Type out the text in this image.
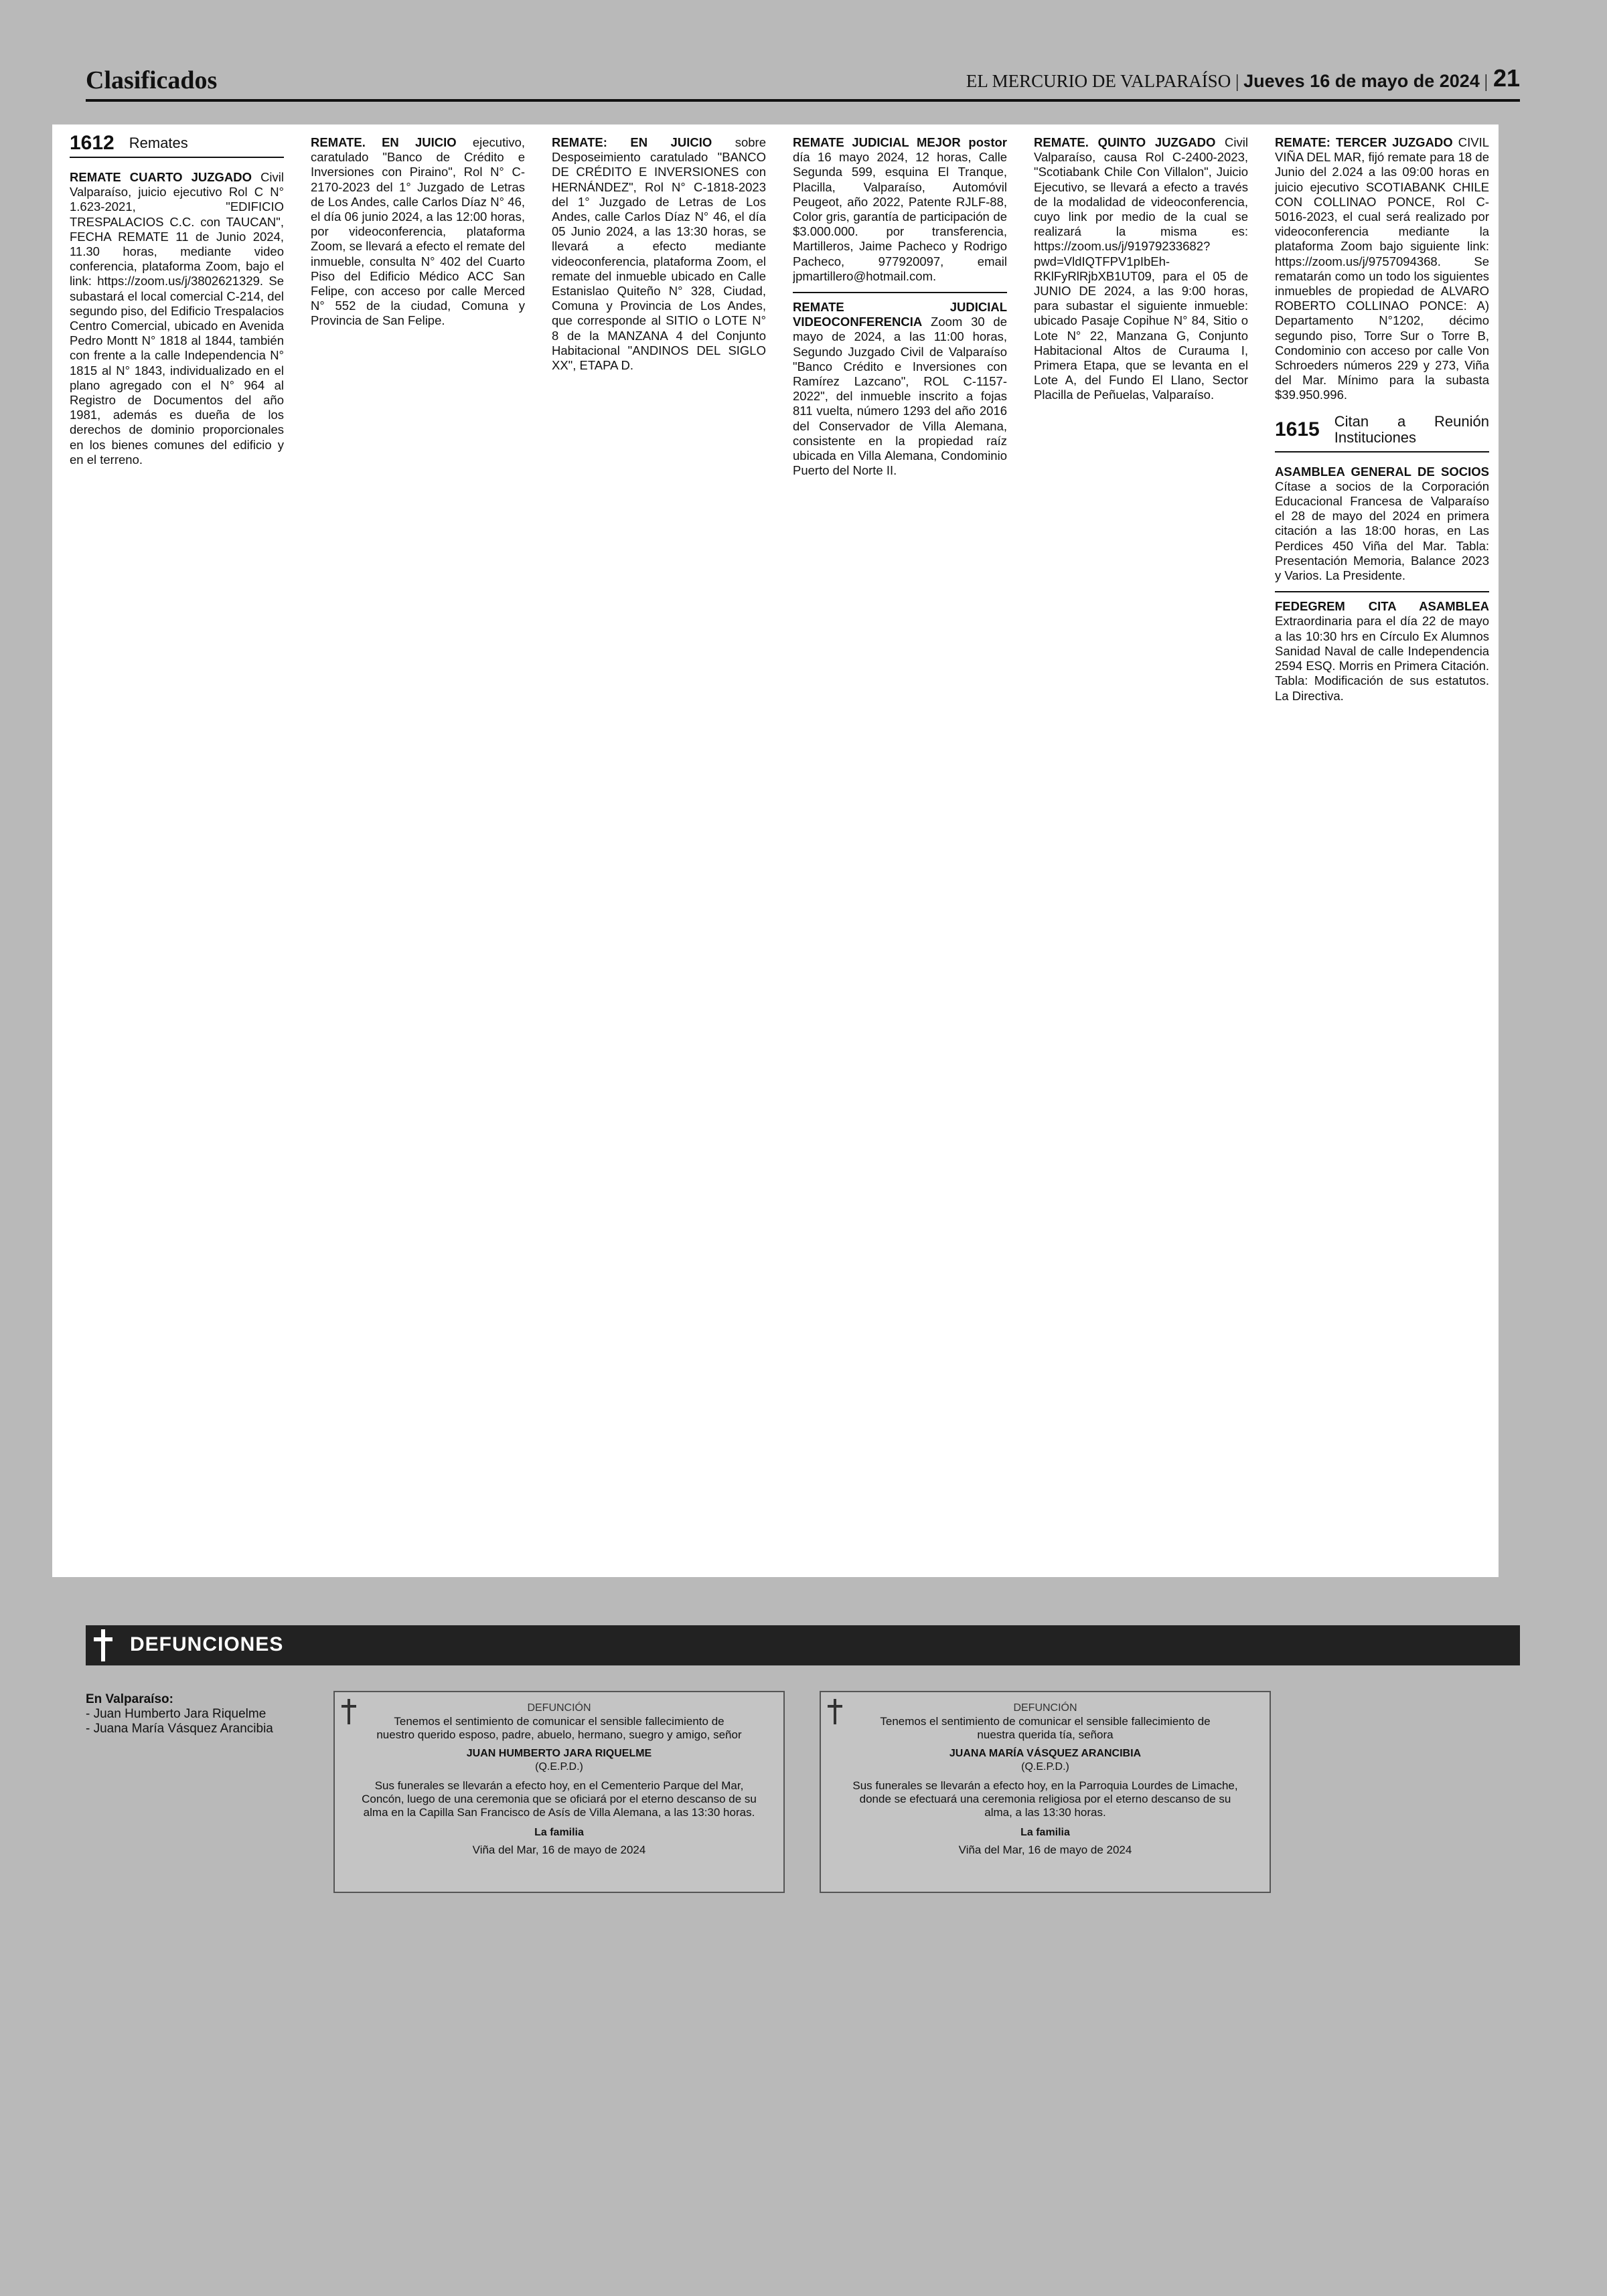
Clasificados	EL MERCURIO DE VALPARAÍSO | Jueves 16 de mayo de 2024 | 21
1612 Remates

REMATE CUARTO JUZGADO Civil Valparaíso, juicio ejecutivo Rol C N° 1.623-2021, "EDIFICIO TRESPALACIOS C.C. con TAUCAN", FECHA REMATE 11 de Junio 2024, 11.30 horas, mediante video conferencia, plataforma Zoom, bajo el link: https://zoom.us/j/3802621329. Se subastará el local comercial C-214, del segundo piso, del Edificio Trespalacios Centro Comercial, ubicado en Avenida Pedro Montt N° 1818 al 1844, también con frente a la calle Independencia N° 1815 al N° 1843, individualizado en el plano agregado con el N° 964 al Registro de Documentos del año 1981, además es dueña de los derechos de dominio proporcionales en los bienes comunes del edificio y en el terreno.

REMATE. EN JUICIO ejecutivo, caratulado "Banco de Crédito e Inversiones con Piraino", Rol N° C-2170-2023 del 1° Juzgado de Letras de Los Andes, calle Carlos Díaz N° 46, el día 06 junio 2024, a las 12:00 horas, por videoconferencia, plataforma Zoom, se llevará a efecto el remate del inmueble, consulta N° 402 del Cuarto Piso del Edificio Médico ACC San Felipe, con acceso por calle Merced N° 552 de la ciudad, Comuna y Provincia de San Felipe.

REMATE: EN JUICIO sobre Desposeimiento caratulado "BANCO DE CRÉDITO E INVERSIONES con HERNÁNDEZ", Rol N° C-1818-2023 del 1° Juzgado de Letras de Los Andes, calle Carlos Díaz N° 46, el día 05 Junio 2024, a las 13:30 horas, se llevará a efecto mediante videoconferencia, plataforma Zoom, el remate del inmueble ubicado en Calle Estanislao Quiteño N° 328, Ciudad, Comuna y Provincia de Los Andes, que corresponde al SITIO o LOTE N° 8 de la MANZANA 4 del Conjunto Habitacional "ANDINOS DEL SIGLO XX", ETAPA D.

REMATE JUDICIAL MEJOR postor día 16 mayo 2024, 12 horas, Calle Segunda 599, esquina El Tranque, Placilla, Valparaíso, Automóvil Peugeot, año 2022, Patente RJLF-88, Color gris, garantía de participación de $3.000.000. por transferencia, Martilleros, Jaime Pacheco y Rodrigo Pacheco, 977920097, email jpmartillero@hotmail.com.

REMATE JUDICIAL VIDEOCONFERENCIA Zoom 30 de mayo de 2024, a las 11:00 horas, Segundo Juzgado Civil de Valparaíso "Banco Crédito e Inversiones con Ramírez Lazcano", ROL C-1157-2022", del inmueble inscrito a fojas 811 vuelta, número 1293 del año 2016 del Conservador de Villa Alemana, consistente en la propiedad raíz ubicada en Villa Alemana, Condominio Puerto del Norte II.

REMATE. QUINTO JUZGADO Civil Valparaíso, causa Rol C-2400-2023, "Scotiabank Chile Con Villalon", Juicio Ejecutivo, se llevará a efecto a través de la modalidad de videoconferencia, cuyo link por medio de la cual se realizará la misma es: https://zoom.us/j/91979233682?pwd=VldIQTFPV1pIbEh-RKlFyRlRjbXB1UT09, para el 05 de JUNIO DE 2024, a las 9:00 horas, para subastar el siguiente inmueble: ubicado Pasaje Copihue N° 84, Sitio o Lote N° 22, Manzana G, Conjunto Habitacional Altos de Curauma I, Primera Etapa, que se levanta en el Lote A, del Fundo El Llano, Sector Placilla de Peñuelas, Valparaíso.

REMATE: TERCER JUZGADO CIVIL VIÑA DEL MAR, fijó remate para 18 de Junio del 2.024 a las 09:00 horas en juicio ejecutivo SCOTIABANK CHILE CON COLLINAO PONCE, Rol C-5016-2023, el cual será realizado por videoconferencia mediante la plataforma Zoom bajo siguiente link: https://zoom.us/j/9757094368. Se rematarán como un todo los siguientes inmuebles de propiedad de ALVARO ROBERTO COLLINAO PONCE: A) Departamento N°1202, décimo segundo piso, Torre Sur o Torre B, Condominio con acceso por calle Von Schroeders números 229 y 273, Viña del Mar. Mínimo para la subasta $39.950.996.

1615 Citan a Reunión Instituciones

ASAMBLEA GENERAL DE SOCIOS Cítase a socios de la Corporación Educacional Francesa de Valparaíso el 28 de mayo del 2024 en primera citación a las 18:00 horas, en Las Perdices 450 Viña del Mar. Tabla: Presentación Memoria, Balance 2023 y Varios. La Presidente.

FEDEGREM CITA ASAMBLEA Extraordinaria para el día 22 de mayo a las 10:30 hrs en Círculo Ex Alumnos Sanidad Naval de calle Independencia 2594 ESQ. Morris en Primera Citación. Tabla: Modificación de sus estatutos. La Directiva.

DEFUNCIONES
En Valparaíso:
- Juan Humberto Jara Riquelme
- Juana María Vásquez Arancibia
DEFUNCIÓN
Tenemos el sentimiento de comunicar el sensible fallecimiento de nuestro querido esposo, padre, abuelo, hermano, suegro y amigo, señor
JUAN HUMBERTO JARA RIQUELME
(Q.E.P.D.)
Sus funerales se llevarán a efecto hoy, en el Cementerio Parque del Mar, Concón, luego de una ceremonia que se oficiará por el eterno descanso de su alma en la Capilla San Francisco de Asís de Villa Alemana, a las 13:30 horas.
La familia
Viña del Mar, 16 de mayo de 2024
DEFUNCIÓN
Tenemos el sentimiento de comunicar el sensible fallecimiento de nuestra querida tía, señora
JUANA MARÍA VÁSQUEZ ARANCIBIA
(Q.E.P.D.)
Sus funerales se llevarán a efecto hoy, en la Parroquia Lourdes de Limache, donde se efectuará una ceremonia religiosa por el eterno descanso de su alma, a las 13:30 horas.
La familia
Viña del Mar, 16 de mayo de 2024
